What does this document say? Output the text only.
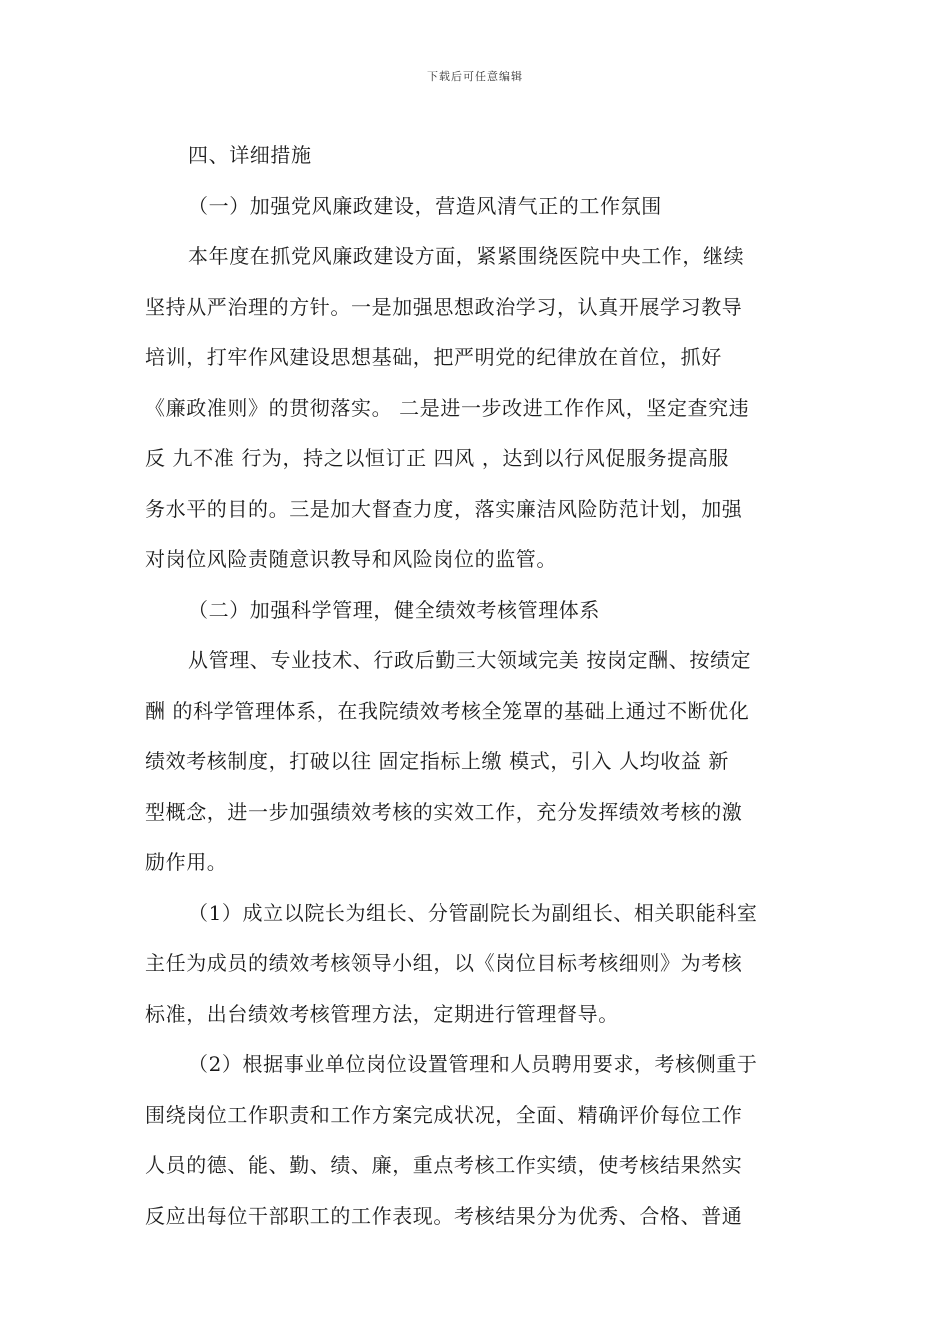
下载后可任意编辑
四、详细措施
（一）加强党风廉政建设，营造风清气正的工作氛围
本年度在抓党风廉政建设方面，紧紧围绕医院中央工作，继续
坚持从严治理的方针。一是加强思想政治学习，认真开展学习教导
培训，打牢作风建设思想基础，把严明党的纪律放在首位，抓好
《廉政准则》的贯彻落实。 二是进一步改进工作作风，坚定查究违
反 九不准 行为，持之以恒订正 四风 ，达到以行风促服务提高服
务水平的目的。三是加大督查力度，落实廉洁风险防范计划，加强
对岗位风险责随意识教导和风险岗位的监管。
（二）加强科学管理，健全绩效考核管理体系
从管理、专业技术、行政后勤三大领域完美 按岗定酬、按绩定
酬 的科学管理体系，在我院绩效考核全笼罩的基础上通过不断优化
绩效考核制度，打破以往 固定指标上缴 模式，引入 人均收益 新
型概念，进一步加强绩效考核的实效工作，充分发挥绩效考核的激
励作用。
（1）成立以院长为组长、分管副院长为副组长、相关职能科室
主任为成员的绩效考核领导小组，以《岗位目标考核细则》为考核
标准，出台绩效考核管理方法，定期进行管理督导。
（2）根据事业单位岗位设置管理和人员聘用要求，考核侧重于
围绕岗位工作职责和工作方案完成状况，全面、精确评价每位工作
人员的德、能、勤、绩、廉，重点考核工作实绩，使考核结果然实
反应出每位干部职工的工作表现。考核结果分为优秀、合格、普通
